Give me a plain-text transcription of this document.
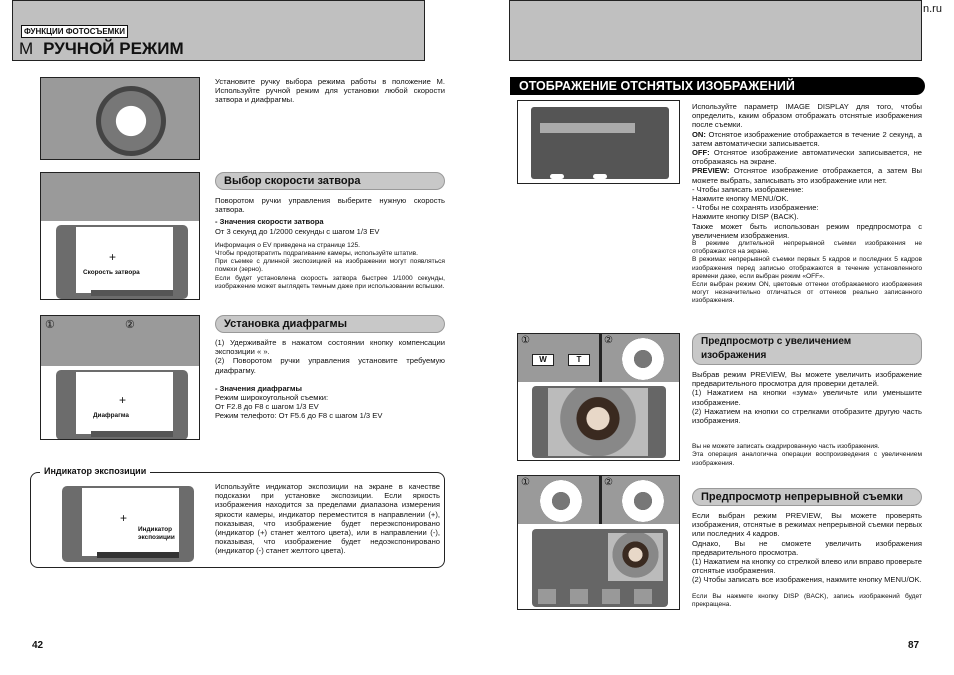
ФУНКЦИИ ФОТОСЪЕМКИ
M РУЧНОЙ РЕЖИМ
+
Скорость затвора
①	②
+
Диафрагма
Установите ручку выбора режима работы в положение M. Используйте ручной режим для установки любой скорости затвора и диафрагмы.
Выбор скорости затвора
Поворотом ручки управления выберите нужную скорость затвора.
- Значения скорости затвора
От 3 секунд до 1/2000 секунды с шагом 1/3 EV
Информация о EV приведена на странице 125.
Чтобы предотвратить подрагивание камеры, используйте штатив.
При съемке с длинной экспозицией на изображении могут появляться помехи (зерно).
Если будет установлена скорость затвора быстрее 1/1000 секунды, изображение может выглядеть темным даже при использовании вспышки.
Установка диафрагмы
(1) Удерживайте в нажатом состоянии кнопку компенсации экспозиции « ».
(2) Поворотом ручки управления установите требуемую диафрагму.
- Значения диафрагмы
Режим широкоугольной съемки:
От F2.8 до F8 с шагом 1/3 EV
Режим телефото: От F5.6 до F8 с шагом 1/3 EV
Индикатор экспозиции
+
Индикатор экспозиции
Используйте индикатор экспозиции на экране в качестве подсказки при установке экспозиции. Если яркость изображения находится за пределами диапазона измерения яркости камеры, индикатор переместится в направлении (+), показывая, что изображение будет переэкспонировано (индикатор (+) станет желтого цвета), или в направлении (-), показывая, что изображение будет недоэкспонировано (индикатор (-) станет желтого цвета).
42
n.ru
ОТОБРАЖЕНИЕ ОТСНЯТЫХ ИЗОБРАЖЕНИЙ
①	②
W	T
①	②
Используйте параметр IMAGE DISPLAY для того, чтобы определить, каким образом отображать отснятые изображения после съемки.
ON: Отснятое изображение отображается в течение 2 секунд, а затем автоматически записывается.
OFF: Отснятое изображение автоматически записывается, не отображаясь на экране.
PREVIEW: Отснятое изображение отображается, а затем Вы можете выбрать, записывать это изображение или нет.
- Чтобы записать изображение:
Нажмите кнопку MENU/OK.
- Чтобы не сохранять изображение:
Нажмите кнопку DISP (BACK).
Также может быть использован режим предпросмотра с увеличением изображения.
В режиме длительной непрерывной съемки изображения не отображаются на экране.
В режимах непрерывной съемки первых 5 кадров и последних 5 кадров изображения перед записью отображаются в течение установленного времени даже, если выбран режим «OFF».
Если выбран режим ON, цветовые оттенки отображаемого изображения могут незначительно отличаться от оттенков реально записанного изображения.
Предпросмотр с увеличением изображения
Выбрав режим PREVIEW, Вы можете увеличить изображение предварительного просмотра для проверки деталей.
(1) Нажатием на кнопки «зума» увеличьте или уменьшите изображение.
(2) Нажатием на кнопки со стрелками отобразите другую часть изображения.
Вы не можете записать скадрированную часть изображения.
Эта операция аналогична операции воспроизведения с увеличением изображения.
Предпросмотр непрерывной съемки
Если выбран режим PREVIEW, Вы можете проверять изображения, отснятые в режимах непрерывной съемки первых или последних 4 кадров.
Однако, Вы не сможете увеличить изображения предварительного просмотра.
(1) Нажатием на кнопку со стрелкой влево или вправо проверьте отснятые изображения.
(2) Чтобы записать все изображения, нажмите кнопку MENU/OK.
Если Вы нажмете кнопку DISP (BACK), запись изображений будет прекращена.
87
